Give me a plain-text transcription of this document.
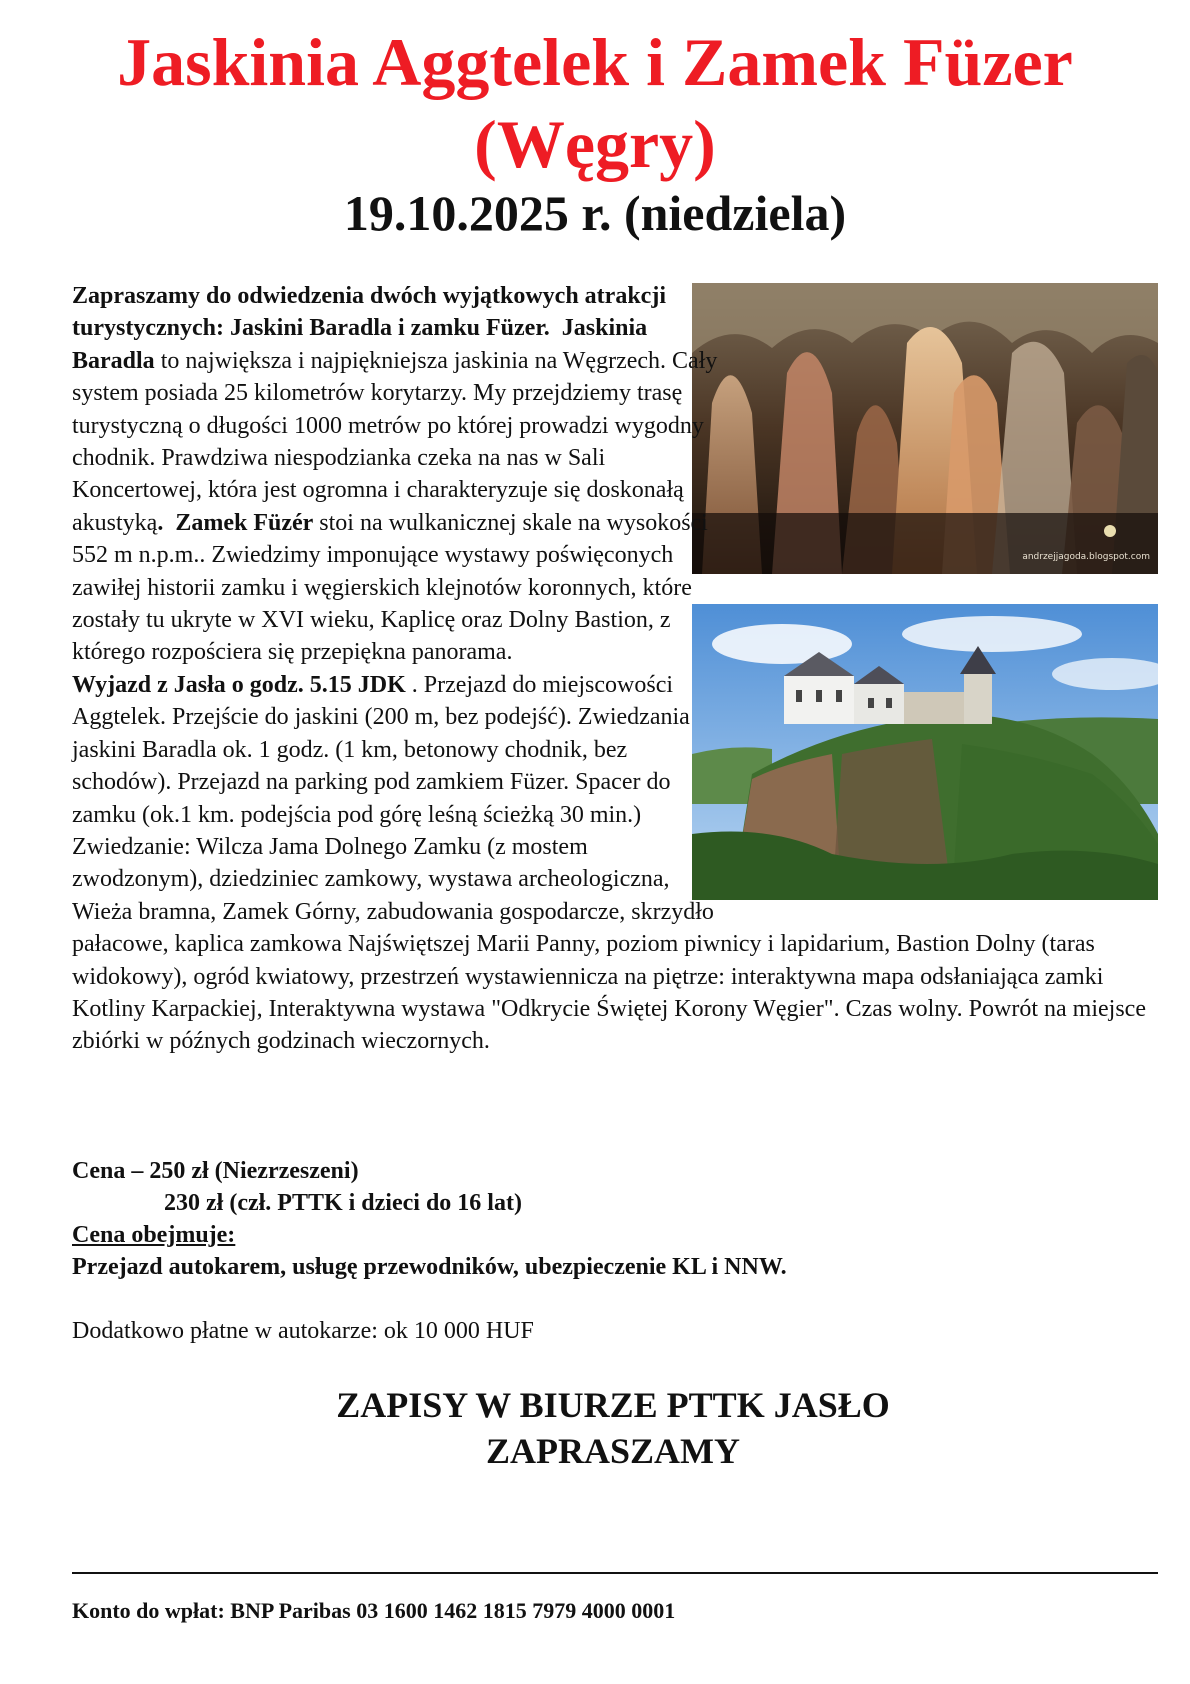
Jaskinia Aggtelek i Zamek Füzer
(Węgry)
19.10.2025 r. (niedziela)
andrzejjagoda.blogspot.com
Zapraszamy do odwiedzenia dwóch wyjątkowych atrakcji turystycznych: Jaskini Baradla i zamku Füzer. Jaskinia Baradla to największa i najpiękniejsza jaskinia na Węgrzech. Cały system posiada 25 kilometrów korytarzy. My przejdziemy trasę turystyczną o długości 1000 metrów po której prowadzi wygodny chodnik. Prawdziwa niespodzianka czeka na nas w Sali Koncertowej, która jest ogromna i charakteryzuje się doskonałą akustyką. Zamek Füzér stoi na wulkanicznej skale na wysokości 552 m n.p.m.. Zwiedzimy imponujące wystawy poświęconych zawiłej historii zamku i węgierskich klejnotów koronnych, które zostały tu ukryte w XVI wieku, Kaplicę oraz Dolny Bastion, z którego rozpościera się przepiękna panorama.
Wyjazd z Jasła o godz. 5.15 JDK . Przejazd do miejscowości Aggtelek. Przejście do jaskini (200 m, bez podejść). Zwiedzania jaskini Baradla ok. 1 godz. (1 km, betonowy chodnik, bez schodów). Przejazd na parking pod zamkiem Füzer. Spacer do zamku (ok.1 km. podejścia pod górę leśną ścieżką 30 min.) Zwiedzanie: Wilcza Jama Dolnego Zamku (z mostem zwodzonym), dziedziniec zamkowy, wystawa archeologiczna, Wieża bramna, Zamek Górny, zabudowania gospodarcze, skrzydło pałacowe, kaplica zamkowa Najświętszej Marii Panny, poziom piwnicy i lapidarium, Bastion Dolny (taras widokowy), ogród kwiatowy, przestrzeń wystawiennicza na piętrze: interaktywna mapa odsłaniająca zamki Kotliny Karpackiej, Interaktywna wystawa "Odkrycie Świętej Korony Węgier". Czas wolny. Powrót na miejsce zbiórki w późnych godzinach wieczornych.
Cena – 250 zł (Niezrzeszeni)
230 zł (czł. PTTK i dzieci do 16 lat)
Cena obejmuje:
Przejazd autokarem, usługę przewodników, ubezpieczenie KL i NNW.
Dodatkowo płatne w autokarze: ok 10 000 HUF
ZAPISY W BIURZE PTTK JASŁO
ZAPRASZAMY
Konto do wpłat: BNP Paribas 03 1600 1462 1815 7979 4000 0001
